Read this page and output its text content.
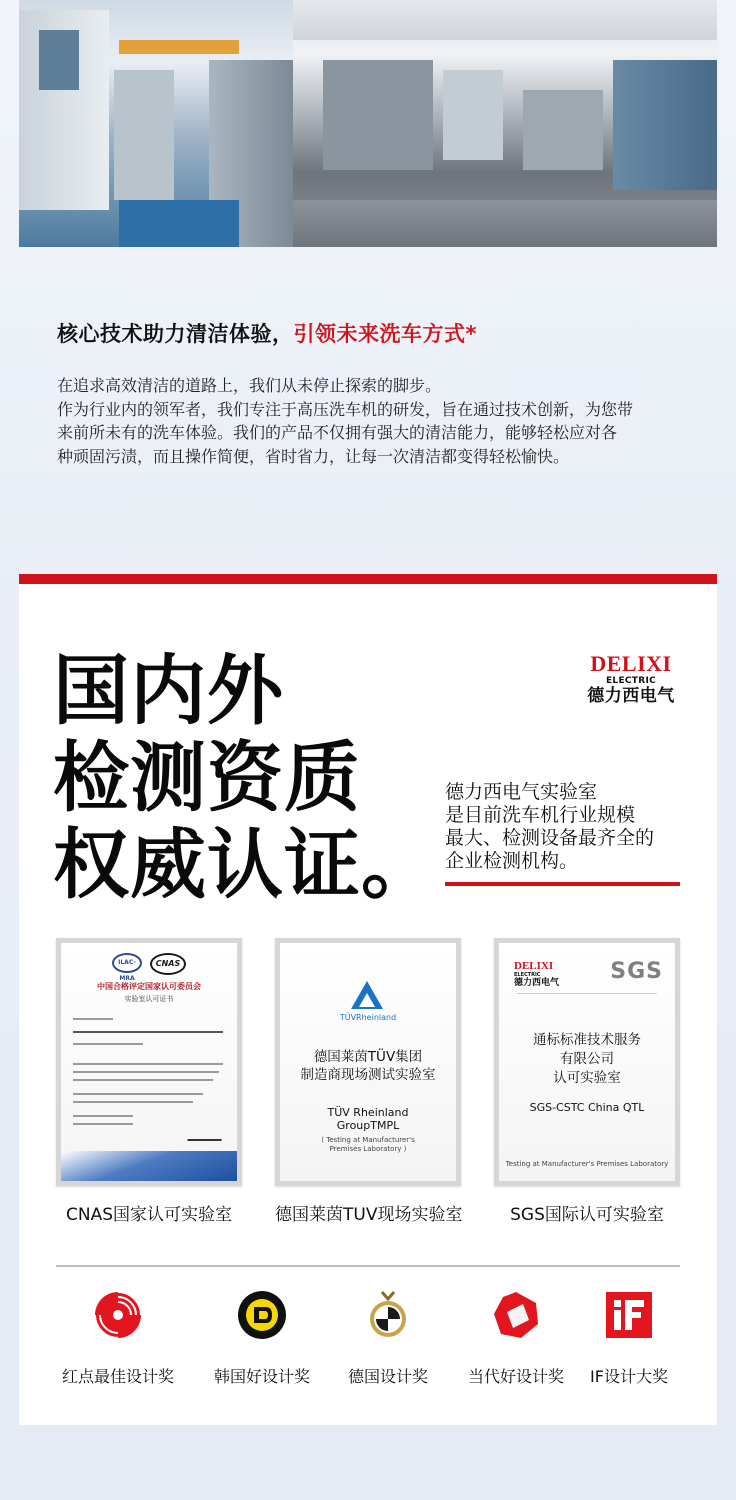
核心技术助力清洁体验，引领未来洗车方式*

在追求高效清洁的道路上，我们从未停止探索的脚步。

作为行业内的领军者，我们专注于高压洗车机的研发，旨在通过技术创新，为您带

来前所未有的洗车体验。我们的产品不仅拥有强大的清洁能力，能够轻松应对各

种顽固污渍，而且操作简便，省时省力，让每一次清洁都变得轻松愉快。

国内外
检测资质
权威认证。
DELIXI
ELECTRIC
德力西电气
德力西电气实验室
是目前洗车机行业规模
最大、检测设备最齐全的
企业检测机构。
ILAC-MRA
CNAS
中国合格评定国家认可委员会
实验室认可证书
TÜVRheinland
德国莱茵TÜV集团
制造商现场测试实验室
TÜV Rheinland
GroupTMPL
( Testing at Manufacturer's
Premises Laboratory )
DELIXI
ELECTRIC
德力西电气 SGS
通标标准技术服务
有限公司
认可实验室
SGS-CSTC China QTL
Testing at Manufacturer's Premises Laboratory
CNAS国家认可实验室	德国莱茵TUV现场实验室	SGS国际认可实验室
红点最佳设计奖	韩国好设计奖	德国设计奖	当代好设计奖	IF设计大奖
